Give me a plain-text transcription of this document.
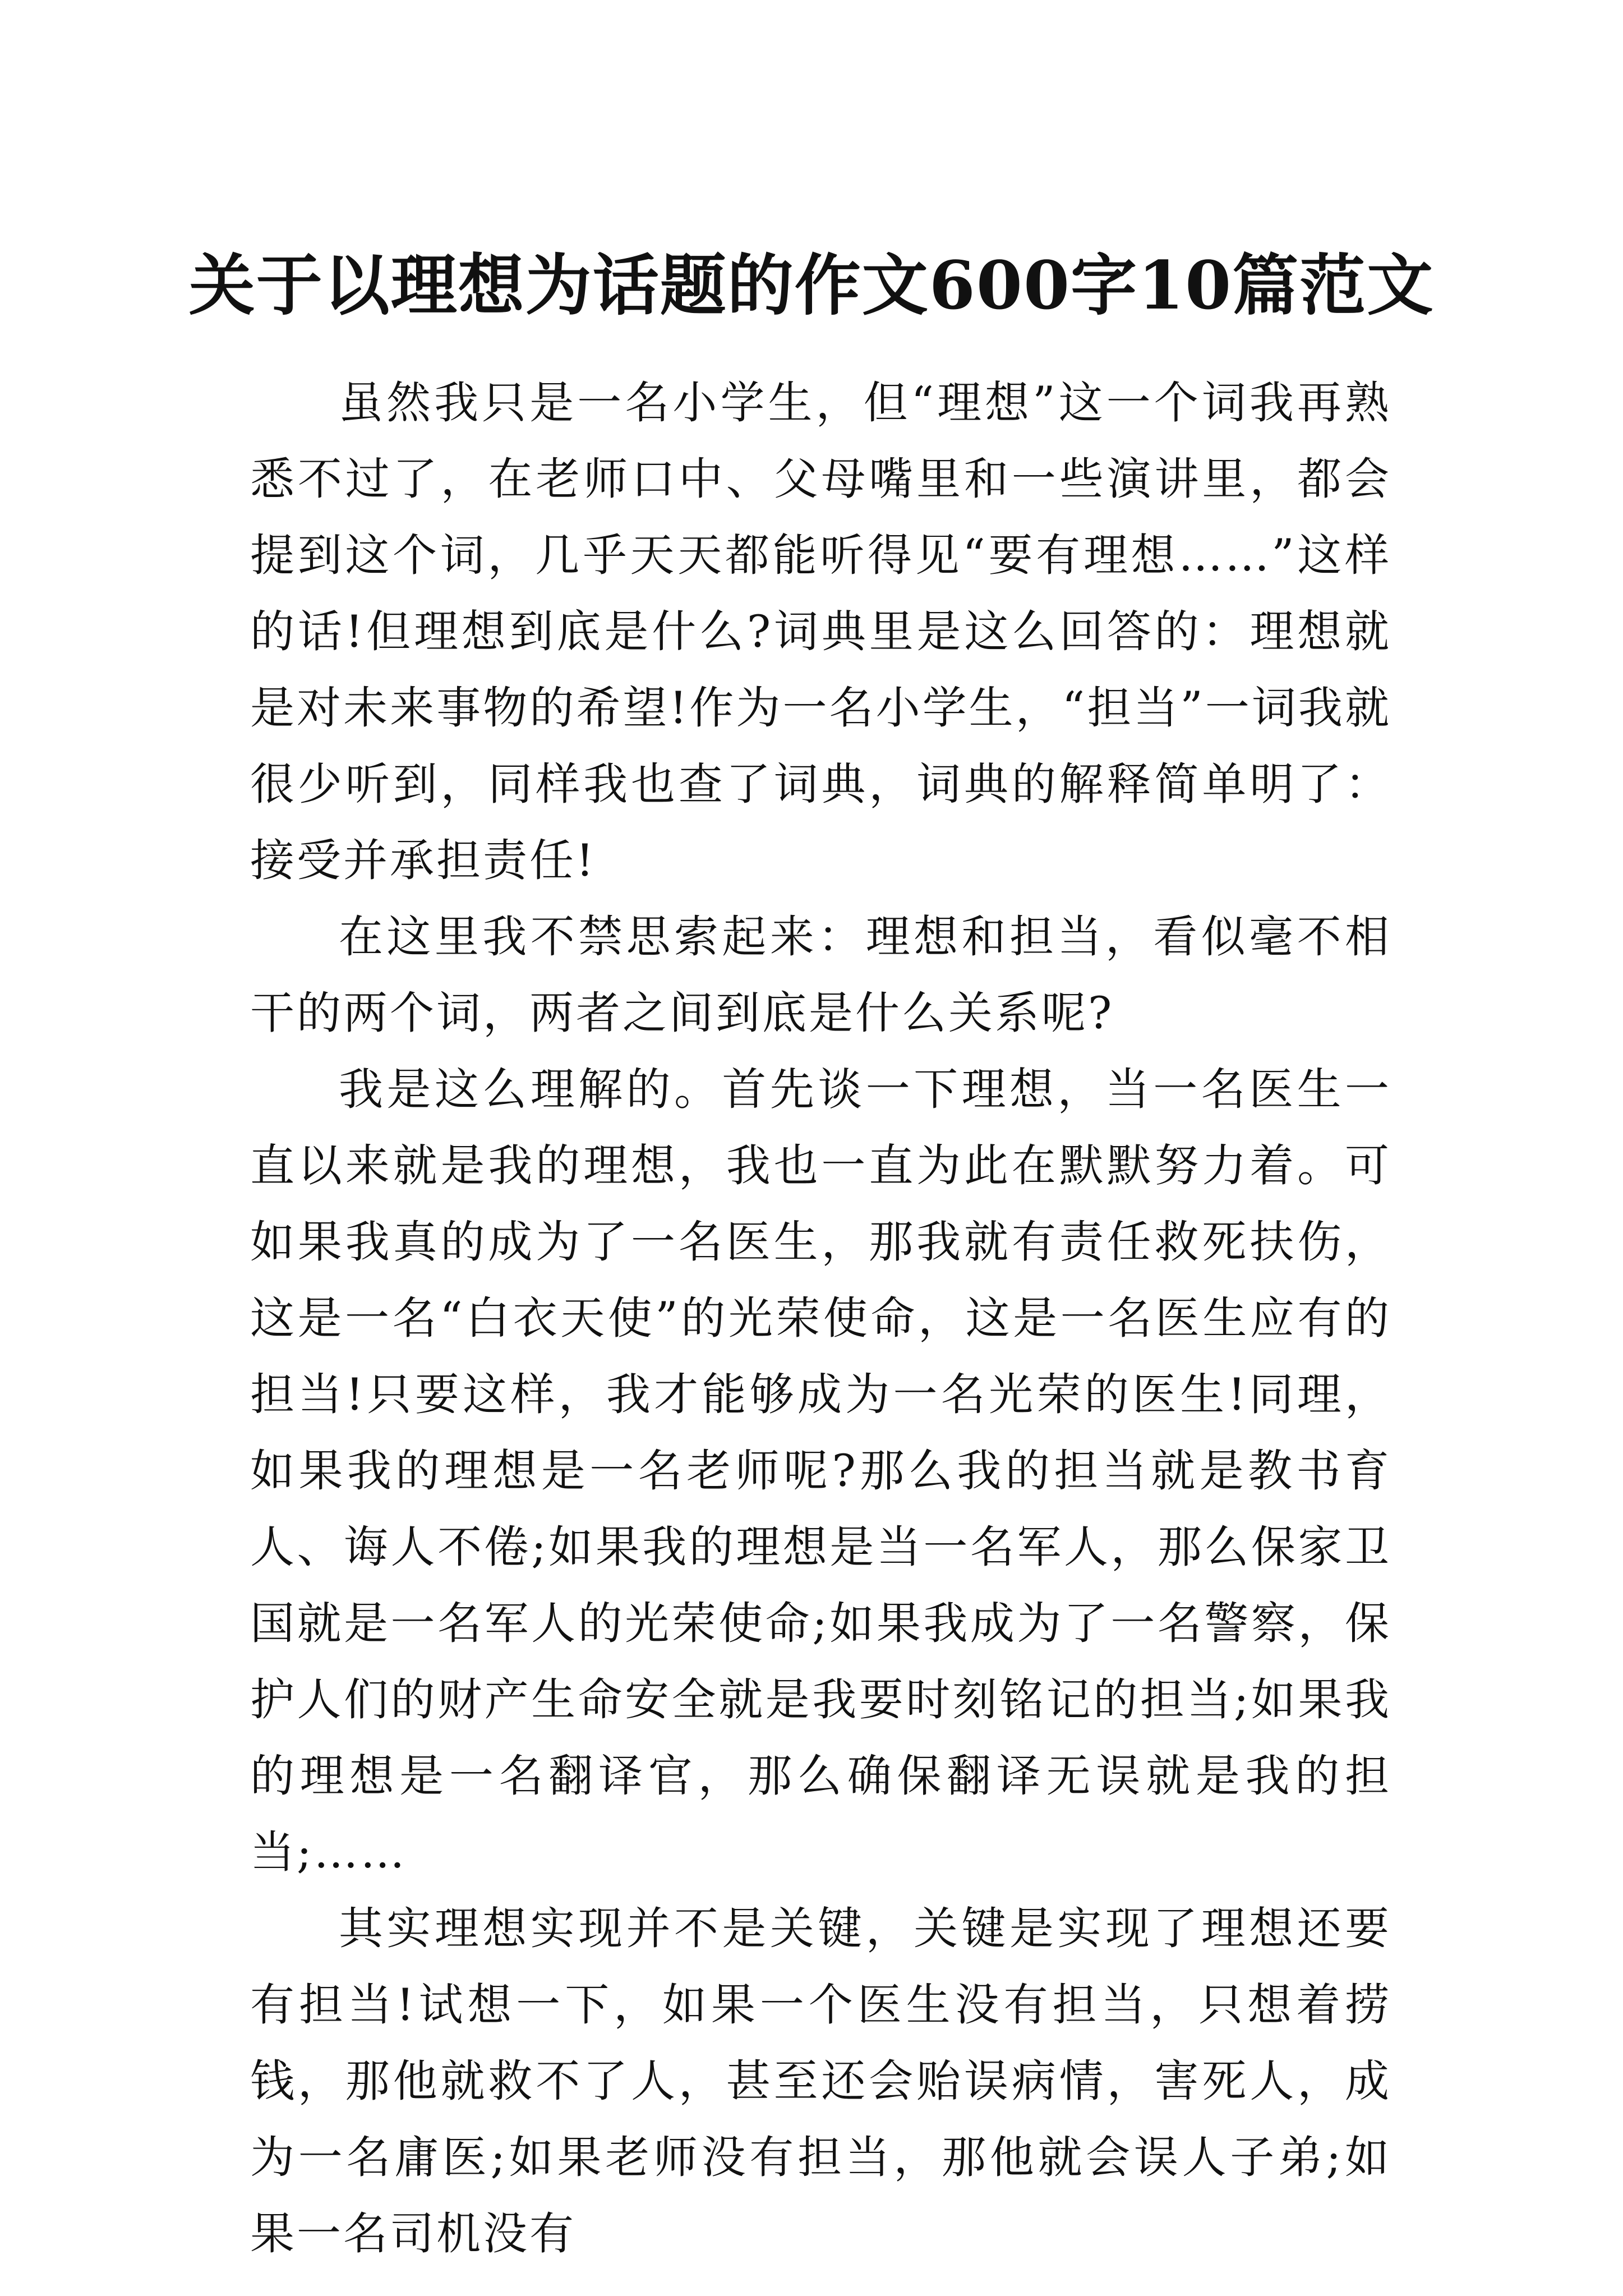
关于以理想为话题的作文600字10篇范文

虽然我只是一名小学生，但“理想”这一个词我再熟悉不过了，在老师口中、父母嘴里和一些演讲里，都会提到这个词，几乎天天都能听得见“要有理想……”这样的话!但理想到底是什么?词典里是这么回答的：理想就是对未来事物的希望!作为一名小学生，“担当”一词我就很少听到，同样我也查了词典，词典的解释简单明了：接受并承担责任!

在这里我不禁思索起来：理想和担当，看似毫不相干的两个词，两者之间到底是什么关系呢?

我是这么理解的。首先谈一下理想，当一名医生一直以来就是我的理想，我也一直为此在默默努力着。可如果我真的成为了一名医生，那我就有责任救死扶伤，这是一名“白衣天使”的光荣使命，这是一名医生应有的担当!只要这样，我才能够成为一名光荣的医生!同理，如果我的理想是一名老师呢?那么我的担当就是教书育人、诲人不倦;如果我的理想是当一名军人，那么保家卫国就是一名军人的光荣使命;如果我成为了一名警察，保护人们的财产生命安全就是我要时刻铭记的担当;如果我的理想是一名翻译官，那么确保翻译无误就是我的担当;……

其实理想实现并不是关键，关键是实现了理想还要有担当!试想一下，如果一个医生没有担当，只想着捞钱，那他就救不了人，甚至还会贻误病情，害死人，成为一名庸医;如果老师没有担当，那他就会误人子弟;如果一名司机没有
